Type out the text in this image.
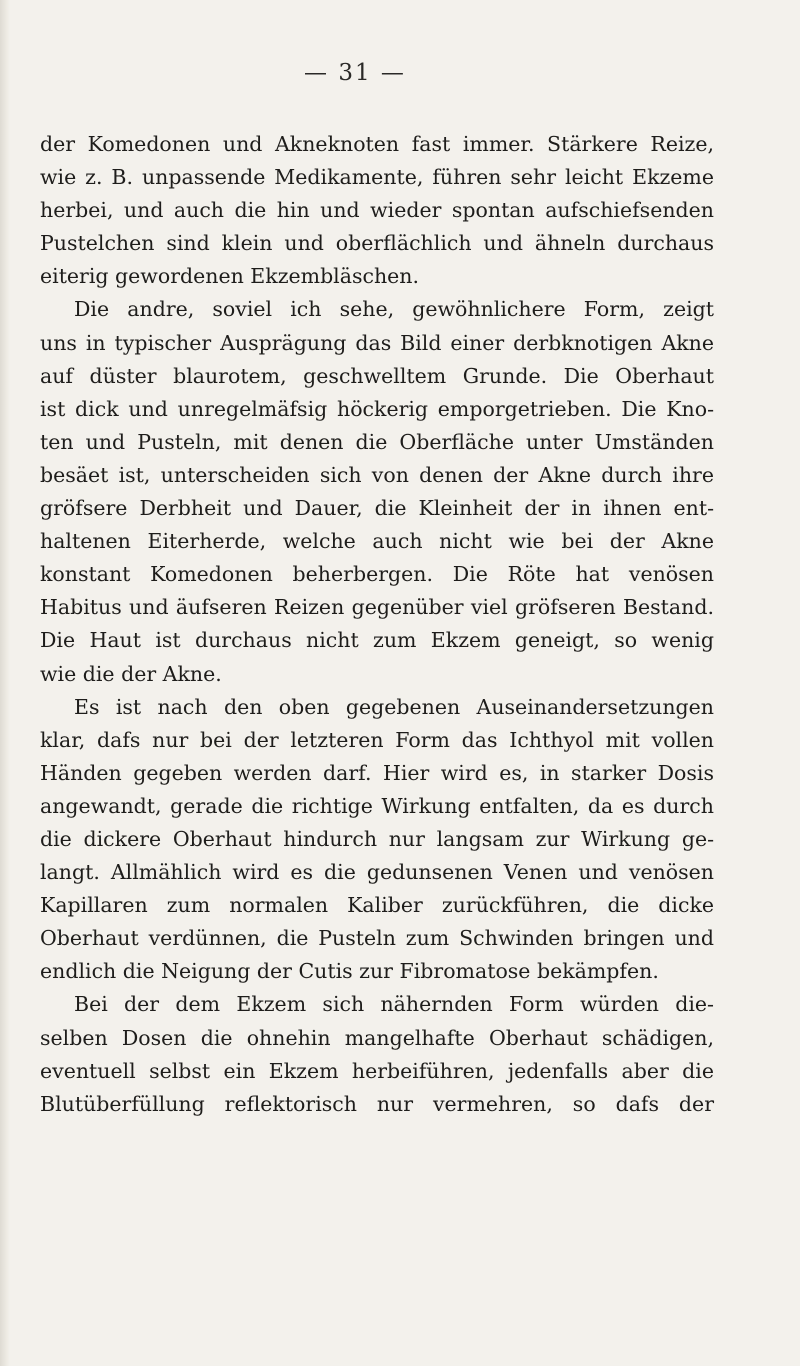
— 31 —
der Komedonen und Akneknoten fast immer. Stärkere Reize,
wie z. B. unpassende Medikamente, führen sehr leicht Ekzeme
herbei, und auch die hin und wieder spontan aufschiefsenden
Pustelchen sind klein und oberflächlich und ähneln durchaus
eiterig gewordenen Ekzembläschen.
Die andre, soviel ich sehe, gewöhnlichere Form, zeigt
uns in typischer Ausprägung das Bild einer derbknotigen Akne
auf düster blaurotem, geschwelltem Grunde. Die Oberhaut
ist dick und unregelmäfsig höckerig emporgetrieben. Die Kno-
ten und Pusteln, mit denen die Oberfläche unter Umständen
besäet ist, unterscheiden sich von denen der Akne durch ihre
gröfsere Derbheit und Dauer, die Kleinheit der in ihnen ent-
haltenen Eiterherde, welche auch nicht wie bei der Akne
konstant Komedonen beherbergen. Die Röte hat venösen
Habitus und äufseren Reizen gegenüber viel gröfseren Bestand.
Die Haut ist durchaus nicht zum Ekzem geneigt, so wenig
wie die der Akne.
Es ist nach den oben gegebenen Auseinandersetzungen
klar, dafs nur bei der letzteren Form das Ichthyol mit vollen
Händen gegeben werden darf. Hier wird es, in starker Dosis
angewandt, gerade die richtige Wirkung entfalten, da es durch
die dickere Oberhaut hindurch nur langsam zur Wirkung ge-
langt. Allmählich wird es die gedunsenen Venen und venösen
Kapillaren zum normalen Kaliber zurückführen, die dicke
Oberhaut verdünnen, die Pusteln zum Schwinden bringen und
endlich die Neigung der Cutis zur Fibromatose bekämpfen.
Bei der dem Ekzem sich nähernden Form würden die-
selben Dosen die ohnehin mangelhafte Oberhaut schädigen,
eventuell selbst ein Ekzem herbeiführen, jedenfalls aber die
Blutüberfüllung reflektorisch nur vermehren, so dafs der
